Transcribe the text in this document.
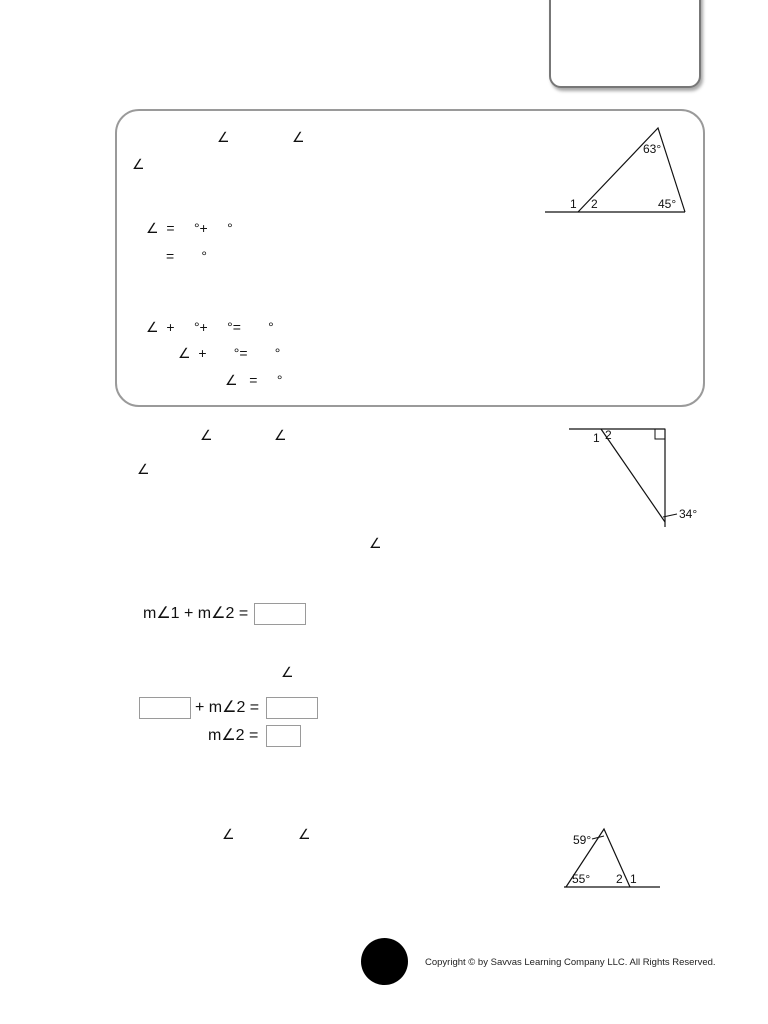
∠	∠
∠
∠  =     °+     °
=       °
∠  +     °+     °=       °
∠  +       °=       °
∠   =     °
63°
45°
1 2
∠	∠
∠
∠
1 2
34°
m∠1 + m∠2 =
∠
+ m∠2 =
m∠2 =
∠	∠	59°
55° 2 1
Copyright © by Savvas Learning Company LLC. All Rights Reserved.
